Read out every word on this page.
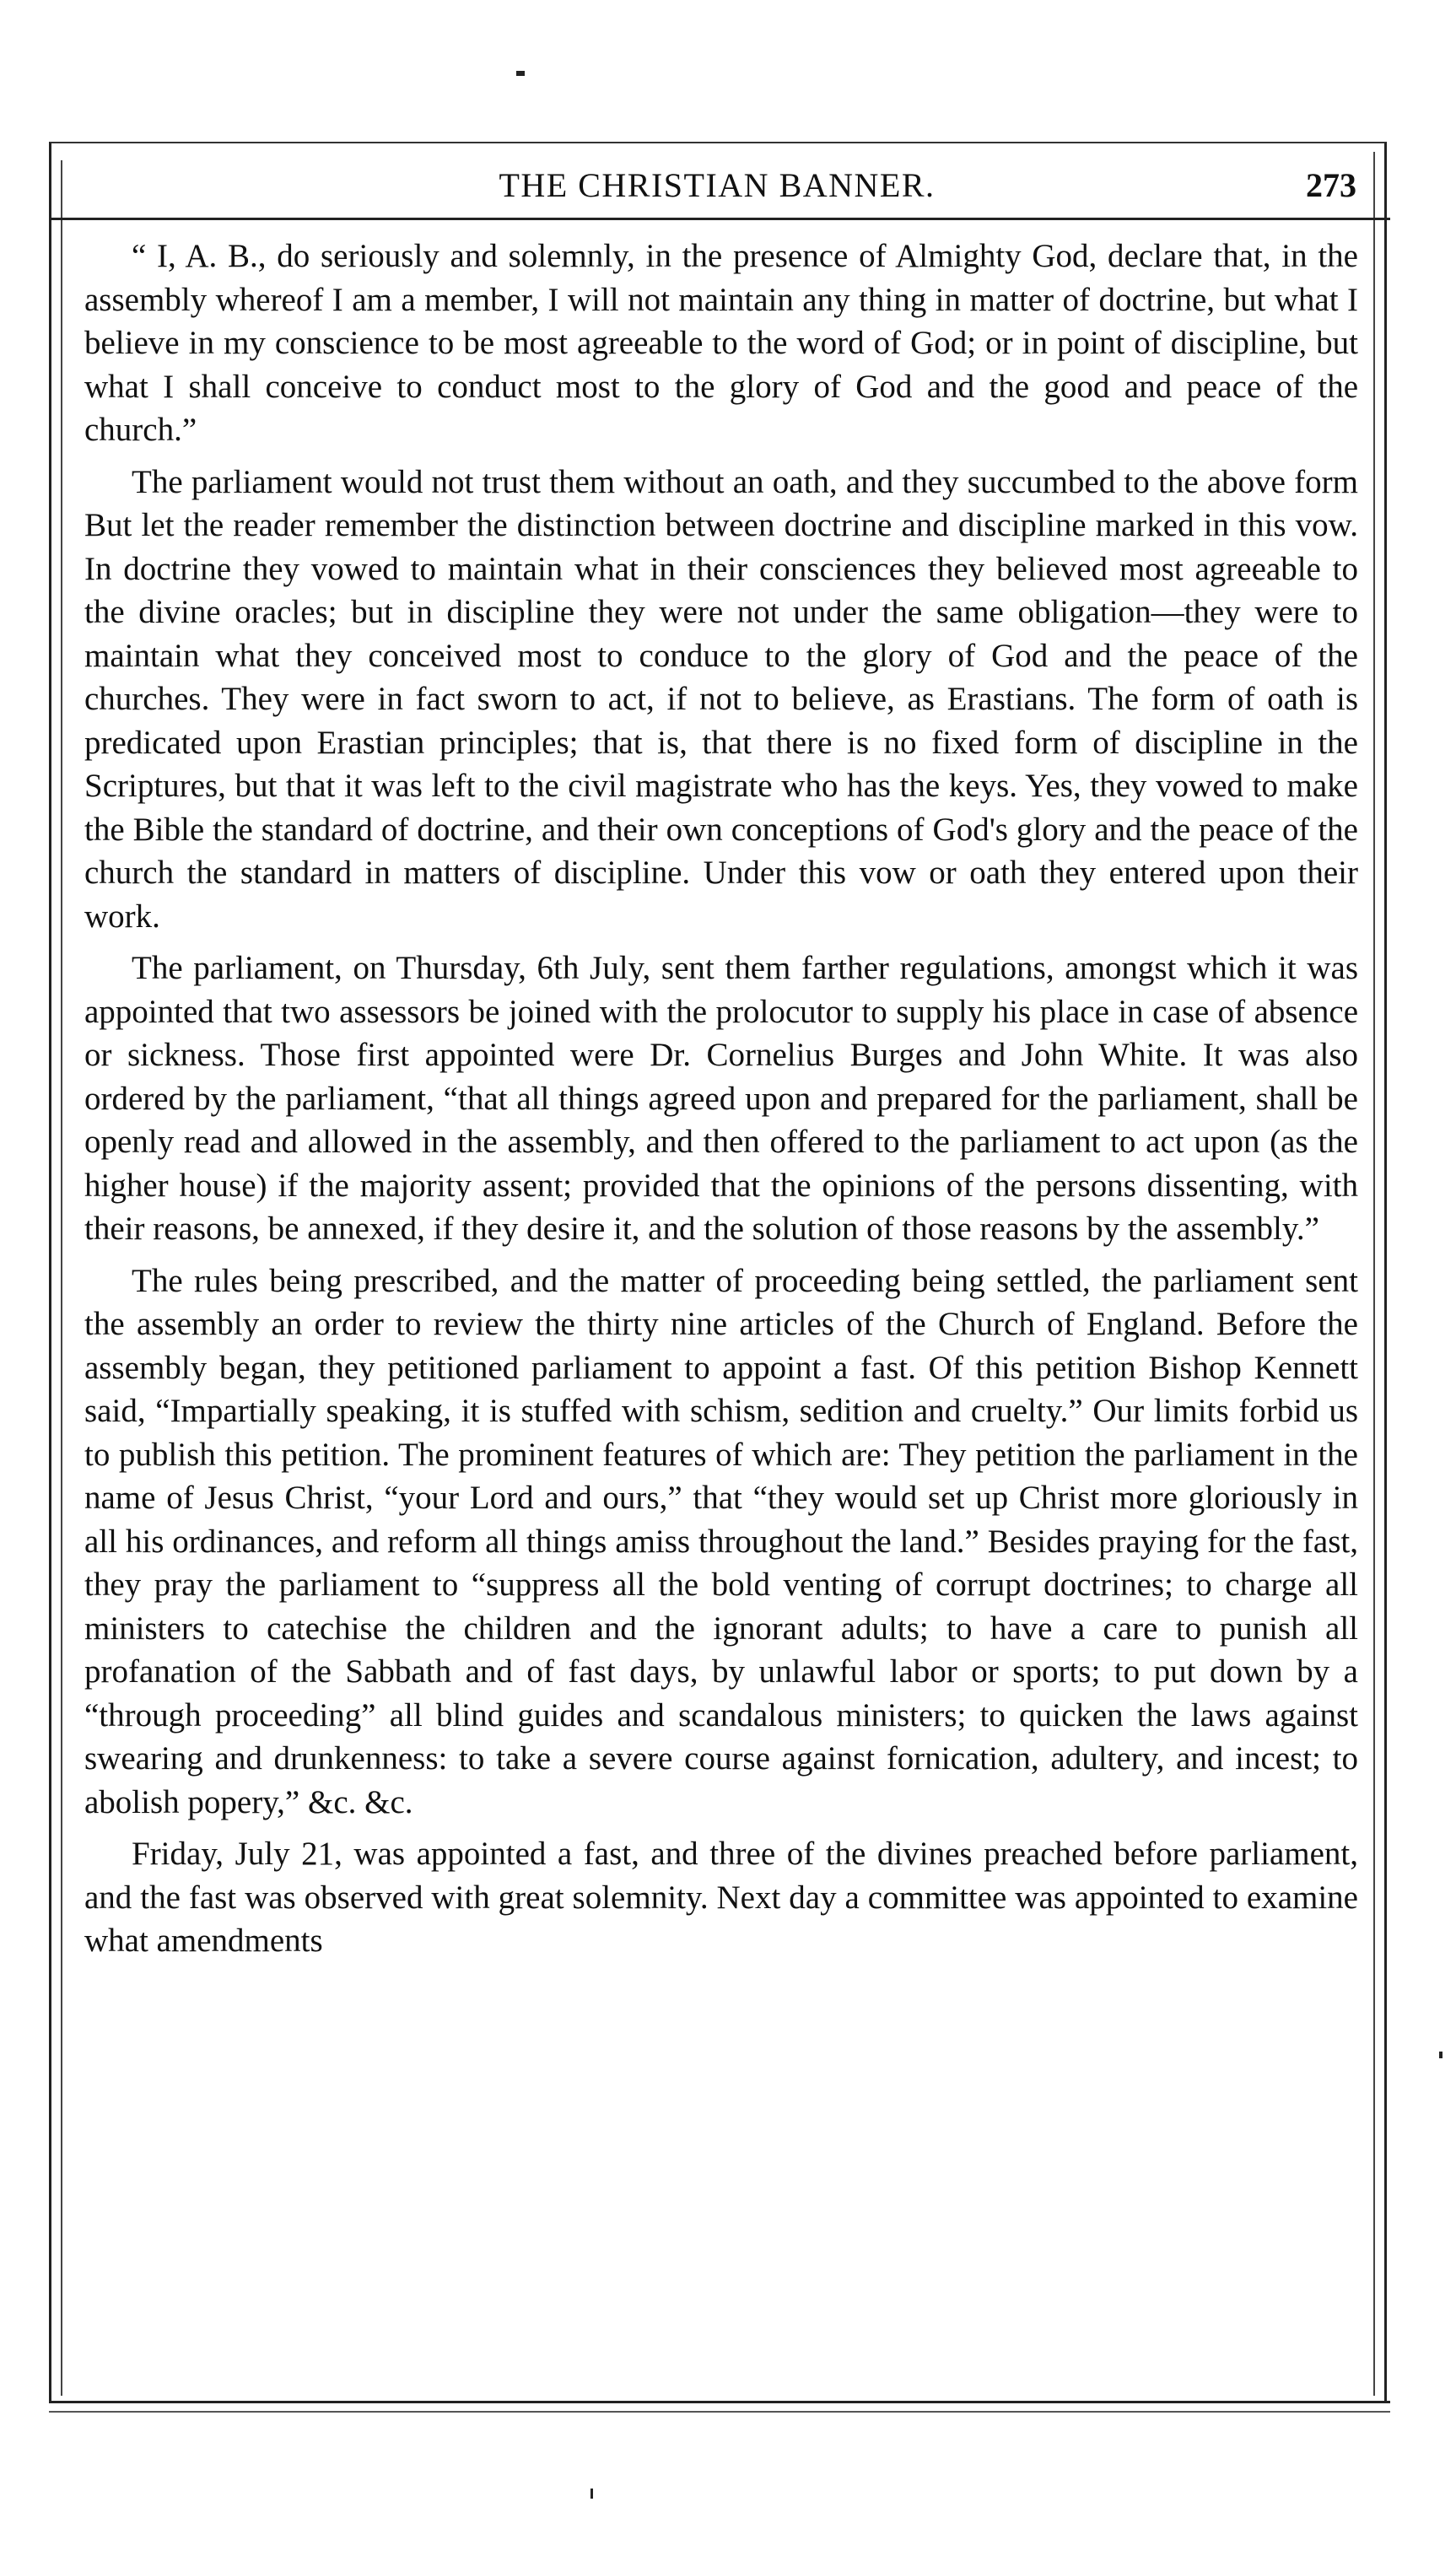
THE CHRISTIAN BANNER.	273

“ I, A. B., do seriously and solemnly, in the presence of Almighty God, declare that, in the assembly whereof I am a member, I will not maintain any thing in matter of doctrine, but what I believe in my conscience to be most agreeable to the word of God; or in point of discipline, but what I shall conceive to conduct most to the glory of God and the good and peace of the church.”

The parliament would not trust them without an oath, and they succumbed to the above form But let the reader remember the distinction between doctrine and discipline marked in this vow. In doctrine they vowed to maintain what in their consciences they believed most agreeable to the divine oracles; but in discipline they were not under the same obligation—they were to maintain what they conceived most to conduce to the glory of God and the peace of the churches. They were in fact sworn to act, if not to believe, as Erastians. The form of oath is predicated upon Erastian principles; that is, that there is no fixed form of discipline in the Scriptures, but that it was left to the civil magistrate who has the keys. Yes, they vowed to make the Bible the standard of doctrine, and their own conceptions of God's glory and the peace of the church the standard in matters of discipline. Under this vow or oath they entered upon their work.

The parliament, on Thursday, 6th July, sent them farther regulations, amongst which it was appointed that two assessors be joined with the prolocutor to supply his place in case of absence or sickness. Those first appointed were Dr. Cornelius Burges and John White. It was also ordered by the parliament, “that all things agreed upon and prepared for the parliament, shall be openly read and allowed in the assembly, and then offered to the parliament to act upon (as the higher house) if the majority assent; provided that the opinions of the persons dissenting, with their reasons, be annexed, if they desire it, and the solution of those reasons by the assembly.”

The rules being prescribed, and the matter of proceeding being settled, the parliament sent the assembly an order to review the thirty nine articles of the Church of England. Before the assembly began, they petitioned parliament to appoint a fast. Of this petition Bishop Kennett said, “Impartially speaking, it is stuffed with schism, sedition and cruelty.” Our limits forbid us to publish this petition. The prominent features of which are: They petition the parliament in the name of Jesus Christ, “your Lord and ours,” that “they would set up Christ more gloriously in all his ordinances, and reform all things amiss throughout the land.” Besides praying for the fast, they pray the parliament to “suppress all the bold venting of corrupt doctrines; to charge all ministers to catechise the children and the ignorant adults; to have a care to punish all profanation of the Sabbath and of fast days, by unlawful labor or sports; to put down by a “through proceeding” all blind guides and scandalous ministers; to quicken the laws against swearing and drunkenness: to take a severe course against fornication, adultery, and incest; to abolish popery,” &c. &c.

Friday, July 21, was appointed a fast, and three of the divines preached before parliament, and the fast was observed with great solemnity. Next day a committee was appointed to examine what amendments
